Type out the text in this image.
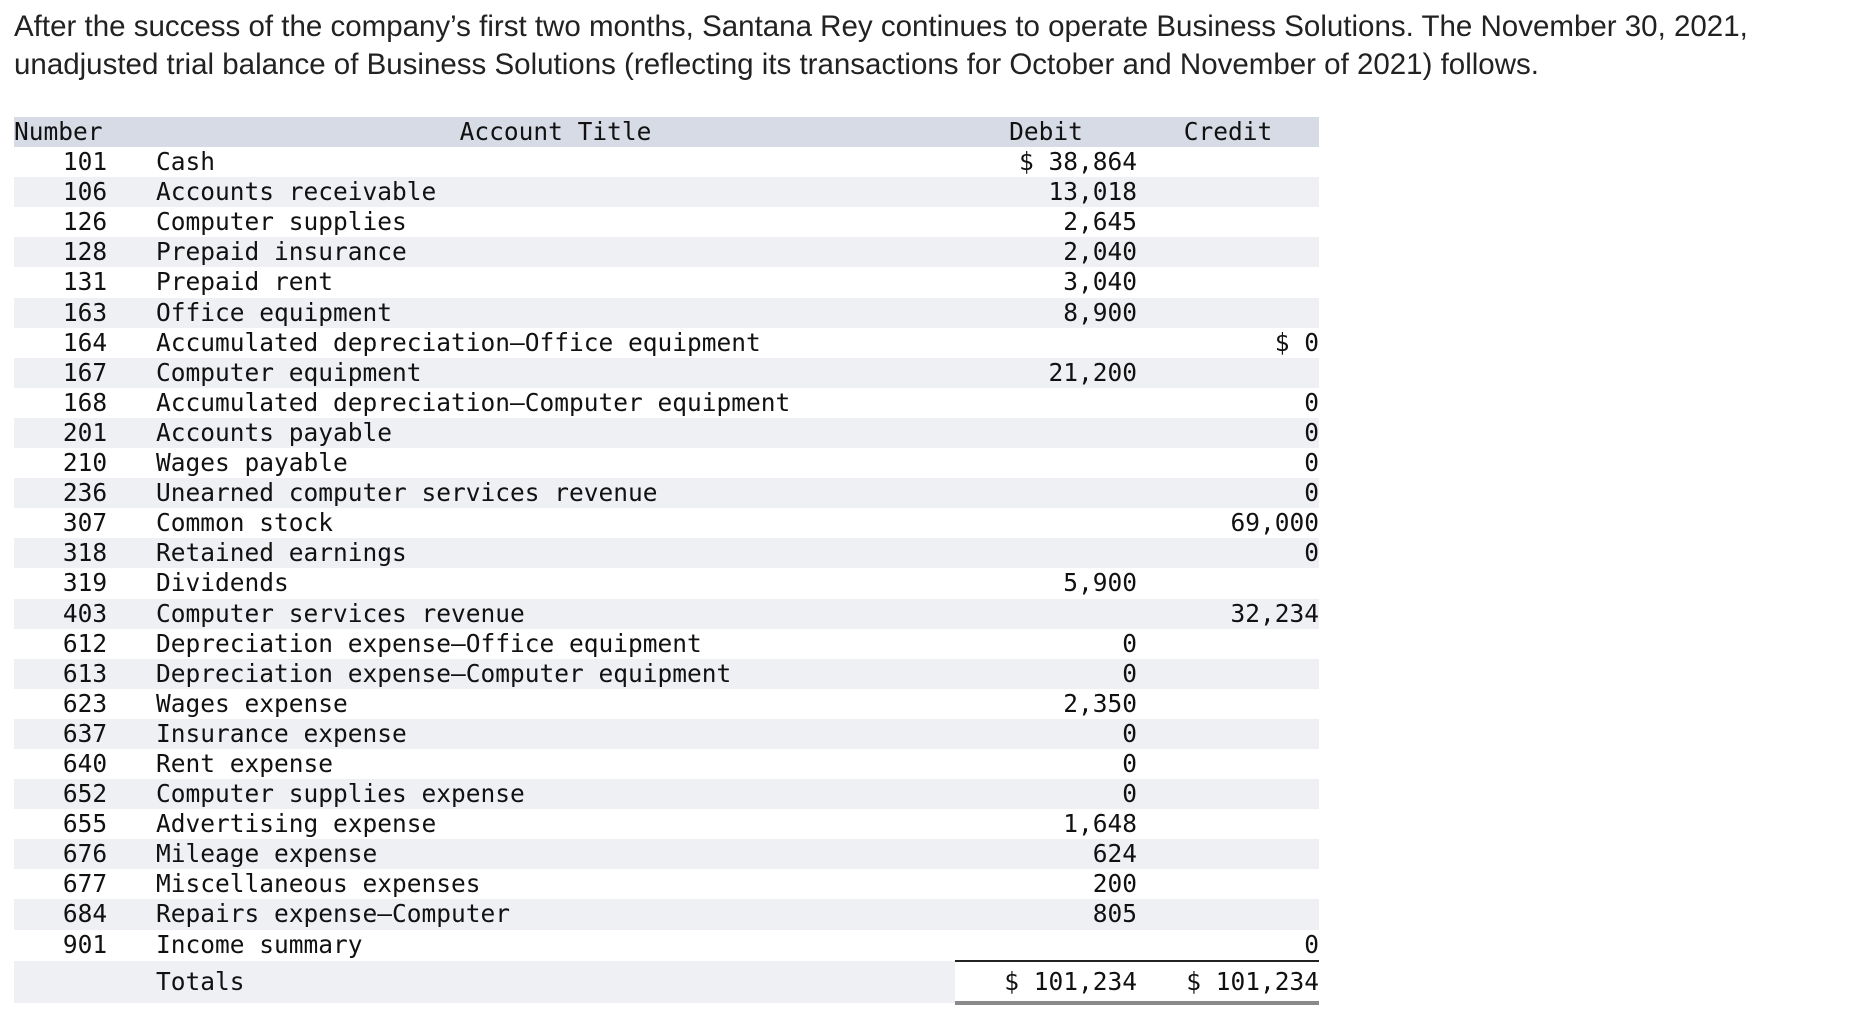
After the success of the company’s first two months, Santana Rey continues to operate Business Solutions. The November 30, 2021, unadjusted trial balance of Business Solutions (reflecting its transactions for October and November of 2021) follows.

Number	Account Title	Debit	Credit
101	Cash	$ 38,864	
106	Accounts receivable	13,018	
126	Computer supplies	2,645	
128	Prepaid insurance	2,040	
131	Prepaid rent	3,040	
163	Office equipment	8,900	
164	Accumulated depreciation—Office equipment		$ 0
167	Computer equipment	21,200	
168	Accumulated depreciation—Computer equipment		0
201	Accounts payable		0
210	Wages payable		0
236	Unearned computer services revenue		0
307	Common stock		69,000
318	Retained earnings		0
319	Dividends	5,900	
403	Computer services revenue		32,234
612	Depreciation expense—Office equipment	0	
613	Depreciation expense—Computer equipment	0	
623	Wages expense	2,350	
637	Insurance expense	0	
640	Rent expense	0	
652	Computer supplies expense	0	
655	Advertising expense	1,648	
676	Mileage expense	624	
677	Miscellaneous expenses	200	
684	Repairs expense—Computer	805	
901	Income summary		0
	Totals	$ 101,234	$ 101,234
